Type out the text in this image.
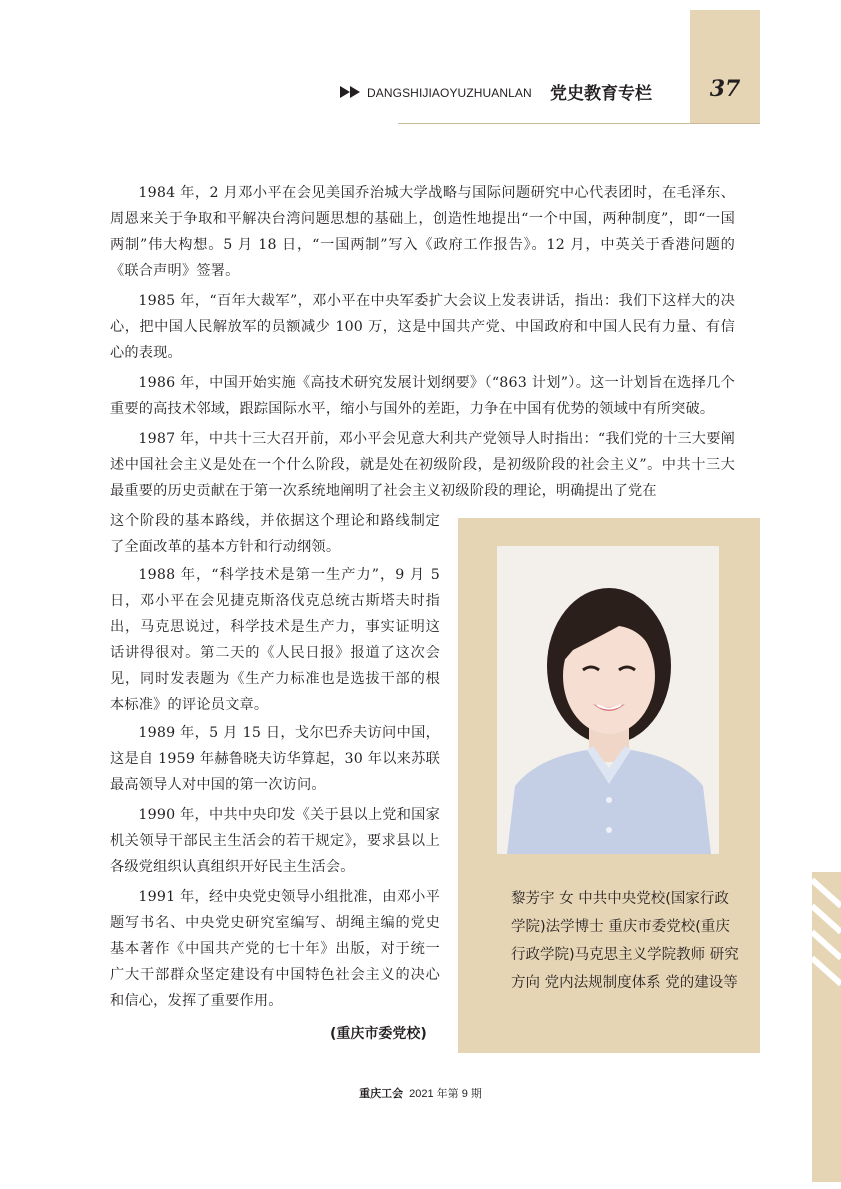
37
DANGSHIJIAOYUZHUANLAN 党史教育专栏

1984 年，2 月邓小平在会见美国乔治城大学战略与国际问题研究中心代表团时，在毛泽东、周恩来关于争取和平解决台湾问题思想的基础上，创造性地提出“一个中国，两种制度”，即“一国两制”伟大构想。5 月 18 日，“一国两制”写入《政府工作报告》。12 月，中英关于香港问题的《联合声明》签署。

1985 年，“百年大裁军”，邓小平在中央军委扩大会议上发表讲话，指出：我们下这样大的决心，把中国人民解放军的员额减少 100 万，这是中国共产党、中国政府和中国人民有力量、有信心的表现。

1986 年，中国开始实施《高技术研究发展计划纲要》（“863 计划”）。这一计划旨在选择几个重要的高技术邻域，跟踪国际水平，缩小与国外的差距，力争在中国有优势的领域中有所突破。

1987 年，中共十三大召开前，邓小平会见意大利共产党领导人时指出：“我们党的十三大要阐述中国社会主义是处在一个什么阶段，就是处在初级阶段，是初级阶段的社会主义”。中共十三大最重要的历史贡献在于第一次系统地阐明了社会主义初级阶段的理论，明确提出了党在

这个阶段的基本路线，并依据这个理论和路线制定了全面改革的基本方针和行动纲领。

1988 年，“科学技术是第一生产力”，9 月 5 日，邓小平在会见捷克斯洛伐克总统古斯塔夫时指出，马克思说过，科学技术是生产力，事实证明这话讲得很对。第二天的《人民日报》报道了这次会见，同时发表题为《生产力标准也是选拔干部的根本标准》的评论员文章。

1989 年，5 月 15 日，戈尔巴乔夫访问中国，这是自 1959 年赫鲁晓夫访华算起，30 年以来苏联最高领导人对中国的第一次访问。

1990 年，中共中央印发《关于县以上党和国家机关领导干部民主生活会的若干规定》，要求县以上各级党组织认真组织开好民主生活会。

1991 年，经中央党史领导小组批准，由邓小平题写书名、中央党史研究室编写、胡绳主编的党史基本著作《中国共产党的七十年》出版，对于统一广大干部群众坚定建设有中国特色社会主义的决心和信心，发挥了重要作用。

(重庆市委党校)

黎芳宇 女 中共中央党校(国家行政学院)法学博士 重庆市委党校(重庆行政学院)马克思主义学院教师 研究方向 党内法规制度体系 党的建设等

重庆工会 2021 年第 9 期
